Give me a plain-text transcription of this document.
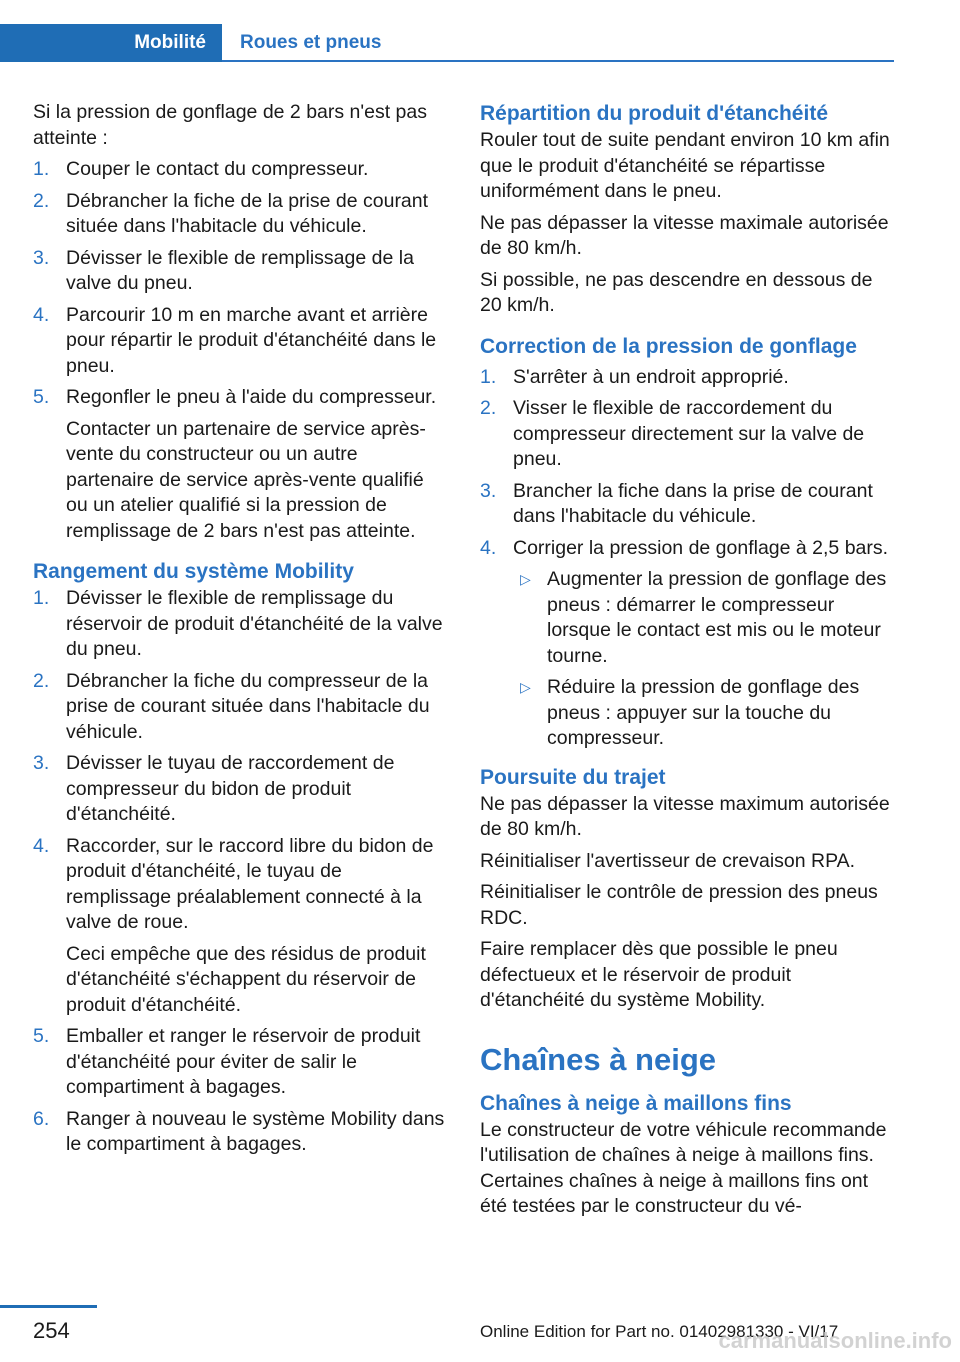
Mobilité Roues et pneus

Si la pression de gonflage de 2 bars n'est pas atteinte :

1. Couper le contact du compresseur.
2. Débrancher la fiche de la prise de courant située dans l'habitacle du véhicule.
3. Dévisser le flexible de remplissage de la valve du pneu.
4. Parcourir 10 m en marche avant et arrière pour répartir le produit d'étanchéité dans le pneu.
5. Regonfler le pneu à l'aide du compresseur.

Contacter un partenaire de service après-vente du constructeur ou un autre partenaire de service après-vente qualifié ou un atelier qualifié si la pression de remplissage de 2 bars n'est pas atteinte.

Rangement du système Mobility
1. Dévisser le flexible de remplissage du réservoir de produit d'étanchéité de la valve du pneu.
2. Débrancher la fiche du compresseur de la prise de courant située dans l'habitacle du véhicule.
3. Dévisser le tuyau de raccordement de compresseur du bidon de produit d'étanchéité.
4. Raccorder, sur le raccord libre du bidon de produit d'étanchéité, le tuyau de remplissage préalablement connecté à la valve de roue.

Ceci empêche que des résidus de produit d'étanchéité s'échappent du réservoir de produit d'étanchéité.

5. Emballer et ranger le réservoir de produit d'étanchéité pour éviter de salir le compartiment à bagages.
6. Ranger à nouveau le système Mobility dans le compartiment à bagages.
Répartition du produit d'étanchéité

Rouler tout de suite pendant environ 10 km afin que le produit d'étanchéité se répartisse uniformément dans le pneu.

Ne pas dépasser la vitesse maximale autorisée de 80 km/h.

Si possible, ne pas descendre en dessous de 20 km/h.

Correction de la pression de gonflage
1. S'arrêter à un endroit approprié.
2. Visser le flexible de raccordement du compresseur directement sur la valve de pneu.
3. Brancher la fiche dans la prise de courant dans l'habitacle du véhicule.
4. Corriger la pression de gonflage à 2,5 bars.
▷ Augmenter la pression de gonflage des pneus : démarrer le compresseur lorsque le contact est mis ou le moteur tourne.
▷ Réduire la pression de gonflage des pneus : appuyer sur la touche du compresseur.
Poursuite du trajet

Ne pas dépasser la vitesse maximum autorisée de 80 km/h.

Réinitialiser l'avertisseur de crevaison RPA.

Réinitialiser le contrôle de pression des pneus RDC.

Faire remplacer dès que possible le pneu défectueux et le réservoir de produit d'étanchéité du système Mobility.

Chaînes à neige
Chaînes à neige à maillons fins

Le constructeur de votre véhicule recommande l'utilisation de chaînes à neige à maillons fins. Certaines chaînes à neige à maillons fins ont été testées par le constructeur du vé-

254	Online Edition for Part no. 01402981330 - VI/17
carmanualsonline.info
